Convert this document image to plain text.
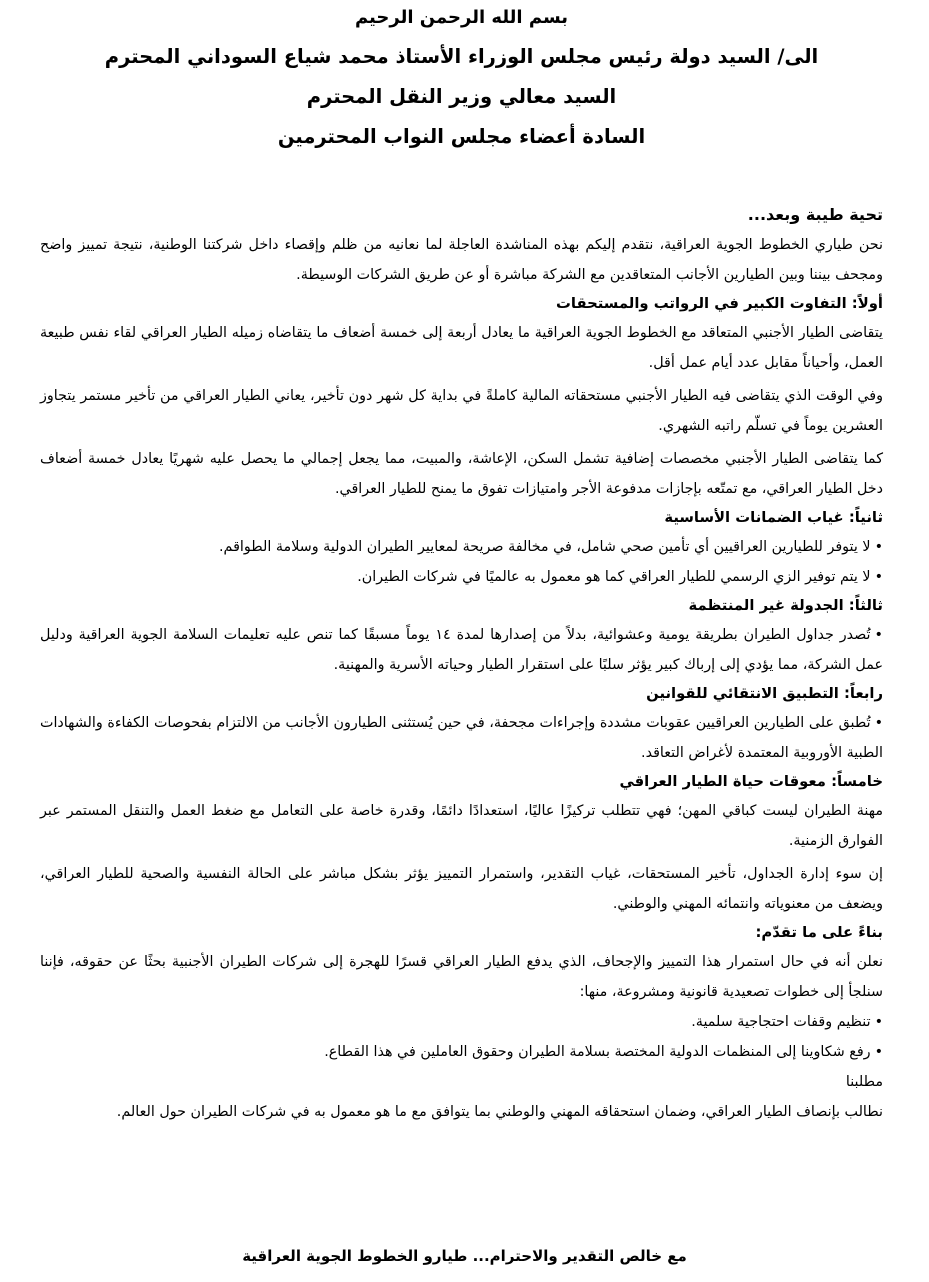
بسم الله الرحمن الرحيم
الى/ السيد دولة رئيس مجلس الوزراء الأستاذ محمد شياع السوداني المحترم
السيد معالي وزير النقل المحترم
السادة أعضاء مجلس النواب المحترمين
تحية طيبة وبعد...
نحن طياري الخطوط الجوية العراقية، نتقدم إليكم بهذه المناشدة العاجلة لما نعانيه من ظلم وإقصاء داخل شركتنا الوطنية، نتيجة تمييز واضح ومجحف بيننا وبين الطيارين الأجانب المتعاقدين مع الشركة مباشرة أو عن طريق الشركات الوسيطة.
أولاً: التفاوت الكبير في الرواتب والمستحقات
يتقاضى الطيار الأجنبي المتعاقد مع الخطوط الجوية العراقية ما يعادل أربعة إلى خمسة أضعاف ما يتقاضاه زميله الطيار العراقي لقاء نفس طبيعة العمل، وأحياناً مقابل عدد أيام عمل أقل.
وفي الوقت الذي يتقاضى فيه الطيار الأجنبي مستحقاته المالية كاملةً في بداية كل شهر دون تأخير، يعاني الطيار العراقي من تأخير مستمر يتجاوز العشرين يوماً في تسلّم راتبه الشهري.
كما يتقاضى الطيار الأجنبي مخصصات إضافية تشمل السكن، الإعاشة، والمبيت، مما يجعل إجمالي ما يحصل عليه شهريًا يعادل خمسة أضعاف دخل الطيار العراقي، مع تمتّعه بإجازات مدفوعة الأجر وامتيازات تفوق ما يمنح للطيار العراقي.
ثانياً: غياب الضمانات الأساسية
•لا يتوفر للطيارين العراقيين أي تأمين صحي شامل، في مخالفة صريحة لمعايير الطيران الدولية وسلامة الطواقم.
•لا يتم توفير الزي الرسمي للطيار العراقي كما هو معمول به عالميًا في شركات الطيران.
ثالثاً: الجدولة غير المنتظمة
•تُصدر جداول الطيران بطريقة يومية وعشوائية، بدلاً من إصدارها لمدة ١٤ يوماً مسبقًا كما تنص عليه تعليمات السلامة الجوية العراقية ودليل عمل الشركة، مما يؤدي إلى إرباك كبير يؤثر سلبًا على استقرار الطيار وحياته الأسرية والمهنية.
رابعاً: التطبيق الانتقائي للقوانين
•تُطبق على الطيارين العراقيين عقوبات مشددة وإجراءات مجحفة، في حين يُستثنى الطيارون الأجانب من الالتزام بفحوصات الكفاءة والشهادات الطبية الأوروبية المعتمدة لأغراض التعاقد.
خامساً: معوقات حياة الطيار العراقي
مهنة الطيران ليست كباقي المهن؛ فهي تتطلب تركيزًا عاليًا، استعدادًا دائمًا، وقدرة خاصة على التعامل مع ضغط العمل والتنقل المستمر عبر الفوارق الزمنية.
إن سوء إدارة الجداول، تأخير المستحقات، غياب التقدير، واستمرار التمييز يؤثر بشكل مباشر على الحالة النفسية والصحية للطيار العراقي، ويضعف من معنوياته وانتمائه المهني والوطني.
بناءً على ما تقدّم:
نعلن أنه في حال استمرار هذا التمييز والإجحاف، الذي يدفع الطيار العراقي قسرًا للهجرة إلى شركات الطيران الأجنبية بحثًا عن حقوقه، فإننا سنلجأ إلى خطوات تصعيدية قانونية ومشروعة، منها:
•تنظيم وقفات احتجاجية سلمية.
•رفع شكاوينا إلى المنظمات الدولية المختصة بسلامة الطيران وحقوق العاملين في هذا القطاع.
مطلبنا
نطالب بإنصاف الطيار العراقي، وضمان استحقاقه المهني والوطني بما يتوافق مع ما هو معمول به في شركات الطيران حول العالم.
مع خالص التقدير والاحترام... طيارو الخطوط الجوية العراقية
